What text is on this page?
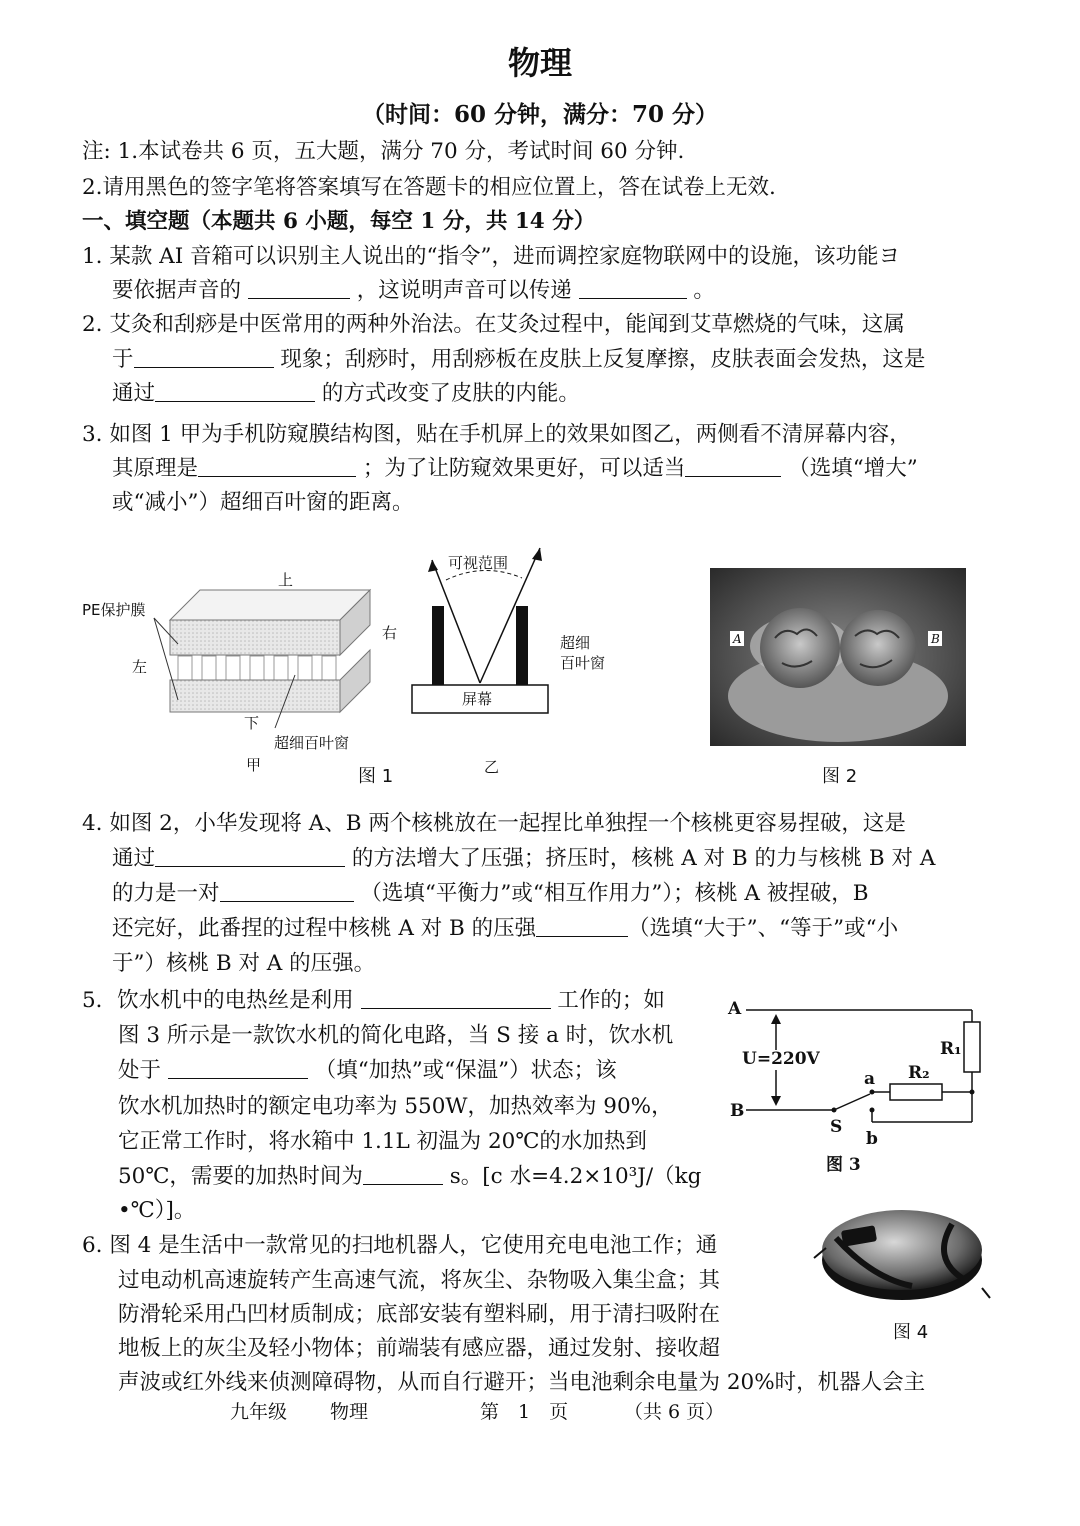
物理
（时间：60 分钟，满分：70 分）
注: 1.本试卷共 6 页，五大题，满分 70 分，考试时间 60 分钟.
2.请用黑色的签字笔将答案填写在答题卡的相应位置上，答在试卷上无效.
一、填空题（本题共 6 小题，每空 1 分，共 14 分）
1. 某款 AI 音箱可以识别主人说出的“指令”，进而调控家庭物联网中的设施，该功能ヨ
要依据声音的	，这说明声音可以传递	。
2. 艾灸和刮痧是中医常用的两种外治法。在艾灸过程中，能闻到艾草燃烧的气味，这属
于	现象；刮痧时，用刮痧板在皮肤上反复摩擦，皮肤表面会发热，这是
通过	的方式改变了皮肤的内能。
3. 如图 1 甲为手机防窥膜结构图，贴在手机屏上的效果如图乙，两侧看不清屏幕内容，
其原理是	；为了让防窥效果更好，可以适当	（选填“增大”
或“减小”）超细百叶窗的距离。
PE保护膜
上
左
右
下
超细百叶窗
甲
图 1
可视范围
屏幕
超细
百叶窗
乙
A	B
图 2
4. 如图 2，小华发现将 A、B 两个核桃放在一起捏比单独捏一个核桃更容易捏破，这是
通过	的方法增大了压强；挤压时，核桃 A 对 B 的力与核桃 B 对 A
的力是一对	（选填“平衡力”或“相互作用力”）；核桃 A 被捏破，B
还完好，此番捏的过程中核桃 A 对 B 的压强	（选填“大于”、“等于”或“小
于”）核桃 B 对 A 的压强。
5．饮水机中的电热丝是利用	工作的；如
图 3 所示是一款饮水机的简化电路，当 S 接 a 时，饮水机
处于	（填“加热”或“保温”）状态；该
饮水机加热时的额定电功率为 550W，加热效率为 90%，
它正常工作时，将水箱中 1.1L 初温为 20℃的水加热到
50℃，需要的加热时间为	s。[c 水=4.2×10³J/（kg
•℃）]。
A
B
U=220V	R₁
R₂
a
b
S
图 3
6. 图 4 是生活中一款常见的扫地机器人，它使用充电电池工作；通
过电动机高速旋转产生高速气流，将灰尘、杂物吸入集尘盒；其
防滑轮采用凸凹材质制成；底部安装有塑料刷，用于清扫吸附在
地板上的灰尘及轻小物体；前端装有感应器，通过发射、接收超
声波或红外线来侦测障碍物，从而自行避开；当电池剩余电量为 20%时，机器人会主
图 4
九年级 物理	第　1　页	（共 6 页）
